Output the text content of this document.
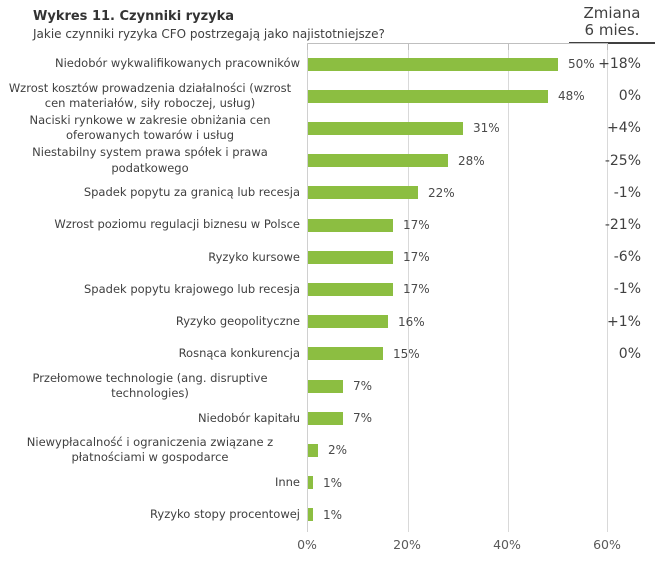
Wykres 11. Czynniki ryzyka
Jakie czynniki ryzyka CFO postrzegają jako najistotniejsze?
Zmiana
6 mies.
Niedobór wykwalifikowanych pracowników	50% +18%
Wzrost kosztów prowadzenia działalności (wzrost cen materiałów, siły roboczej, usług)	48% 0%
Naciski rynkowe w zakresie obniżania cen oferowanych towarów i usług	31%	+4%
Niestabilny system prawa spółek i prawa podatkowego	28%	-25%
Spadek popytu za granicą lub recesja	22%	-1%
Wzrost poziomu regulacji biznesu w Polsce	17%	-21%
Ryzyko kursowe	17%	-6%
Spadek popytu krajowego lub recesja	17%	-1%
Ryzyko geopolityczne	16%	+1%
Rosnąca konkurencja	15%	0%
Przełomowe technologie (ang. disruptive technologies)	7%
Niedobór kapitału	7%
Niewypłacalność i ograniczenia związane z płatnościami w gospodarce	2%
Inne 1%
Ryzyko stopy procentowej 1%
0%	20%	40%	60%
